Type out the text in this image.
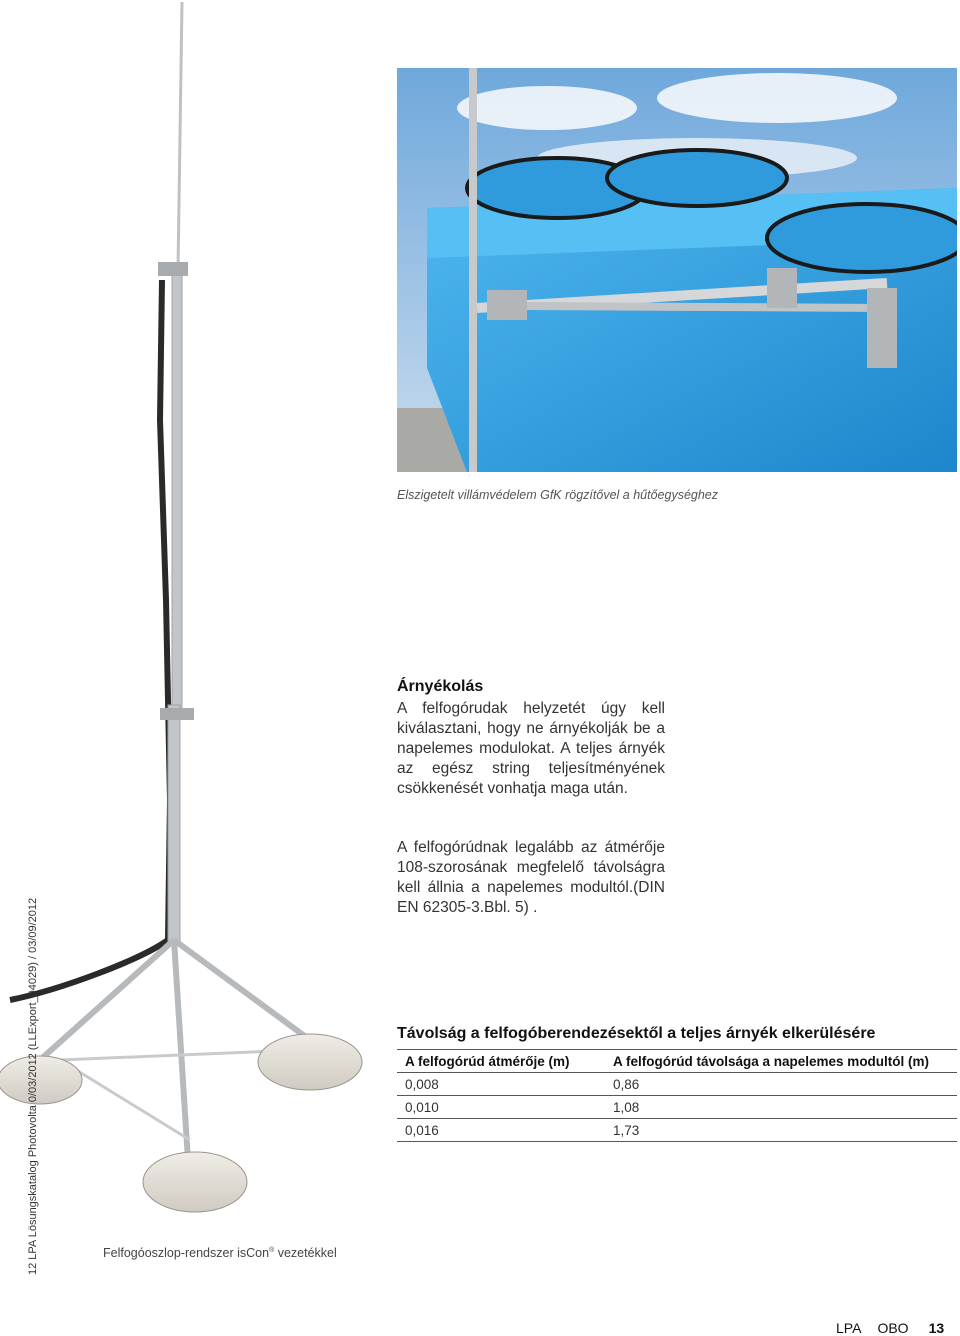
12 LPA Lösungskatalog Photovolta 0/03/2012 (LLExport_04029) / 03/09/2012	Felfogóoszlop-rendszer isCon® vezetékkel
Elszigetelt villámvédelem GfK rögzítővel a hűtőegységhez
Árnyékolás
A felfogórudak helyzetét úgy kell kiválasztani, hogy ne árnyékolják be a napelemes modulokat. A teljes árnyék az egész string teljesítményének csökkenését vonhatja maga után.
A felfogórúdnak legalább az átmérője 108-szorosának megfelelő távolságra kell állnia a napelemes modultól.(DIN EN 62305-3.Bbl. 5) .
Távolság a felfogóberendezésektől a teljes árnyék elkerülésére
A felfogórúd átmérője (m)	A felfogórúd távolsága a napelemes modultól (m)
0,008	0,86
0,010	1,08
0,016	1,73
LPA OBO 13
